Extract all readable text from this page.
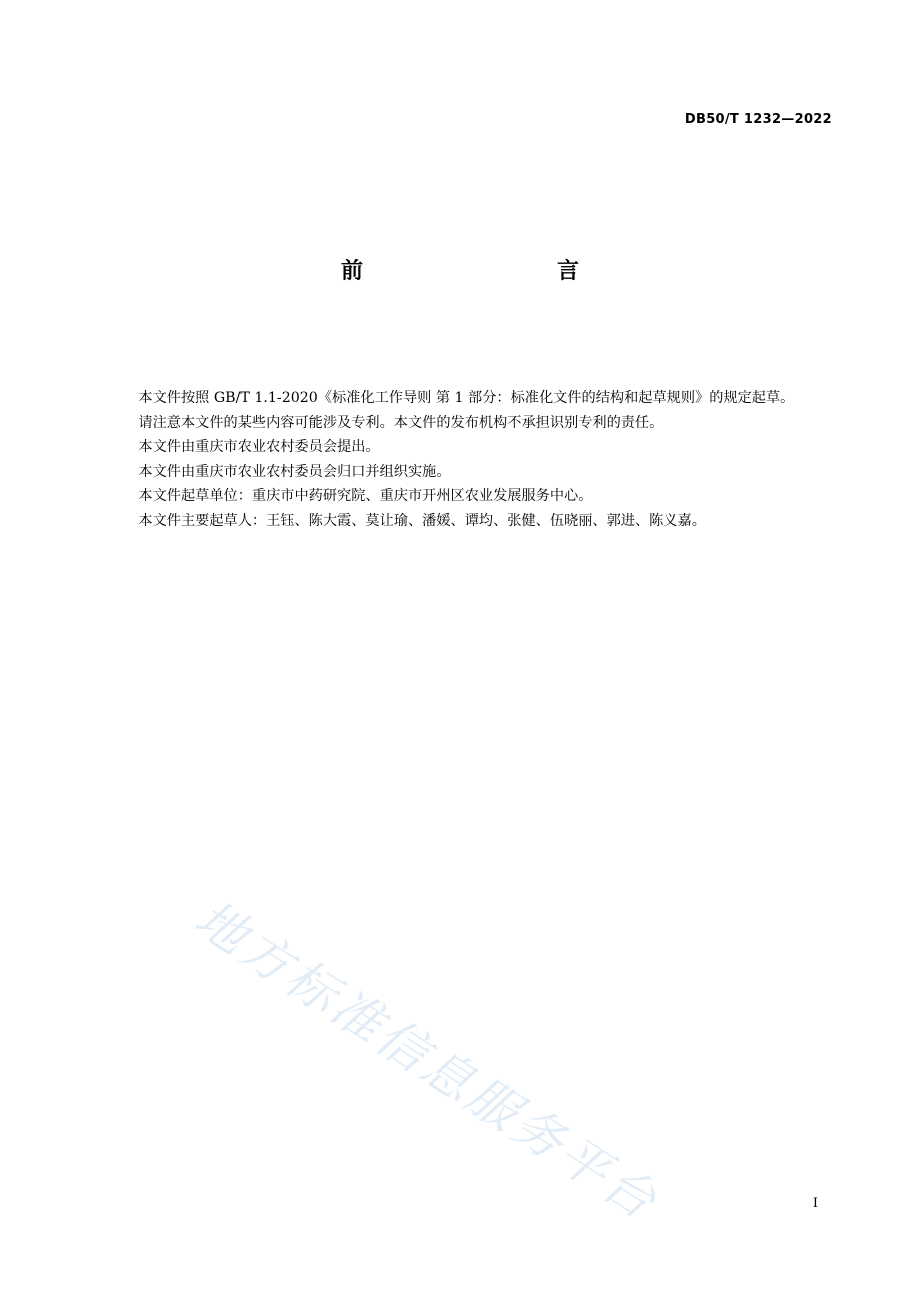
DB50/T 1232—2022
前　　言

本文件按照 GB/T 1.1-2020《标准化工作导则 第 1 部分：标准化文件的结构和起草规则》的规定起草。

请注意本文件的某些内容可能涉及专利。本文件的发布机构不承担识别专利的责任。

本文件由重庆市农业农村委员会提出。

本文件由重庆市农业农村委员会归口并组织实施。

本文件起草单位：重庆市中药研究院、重庆市开州区农业发展服务中心。

本文件主要起草人：王钰、陈大霞、莫让瑜、潘媛、谭均、张健、伍晓丽、郭进、陈义嘉。

地方标准信息服务平台	I
